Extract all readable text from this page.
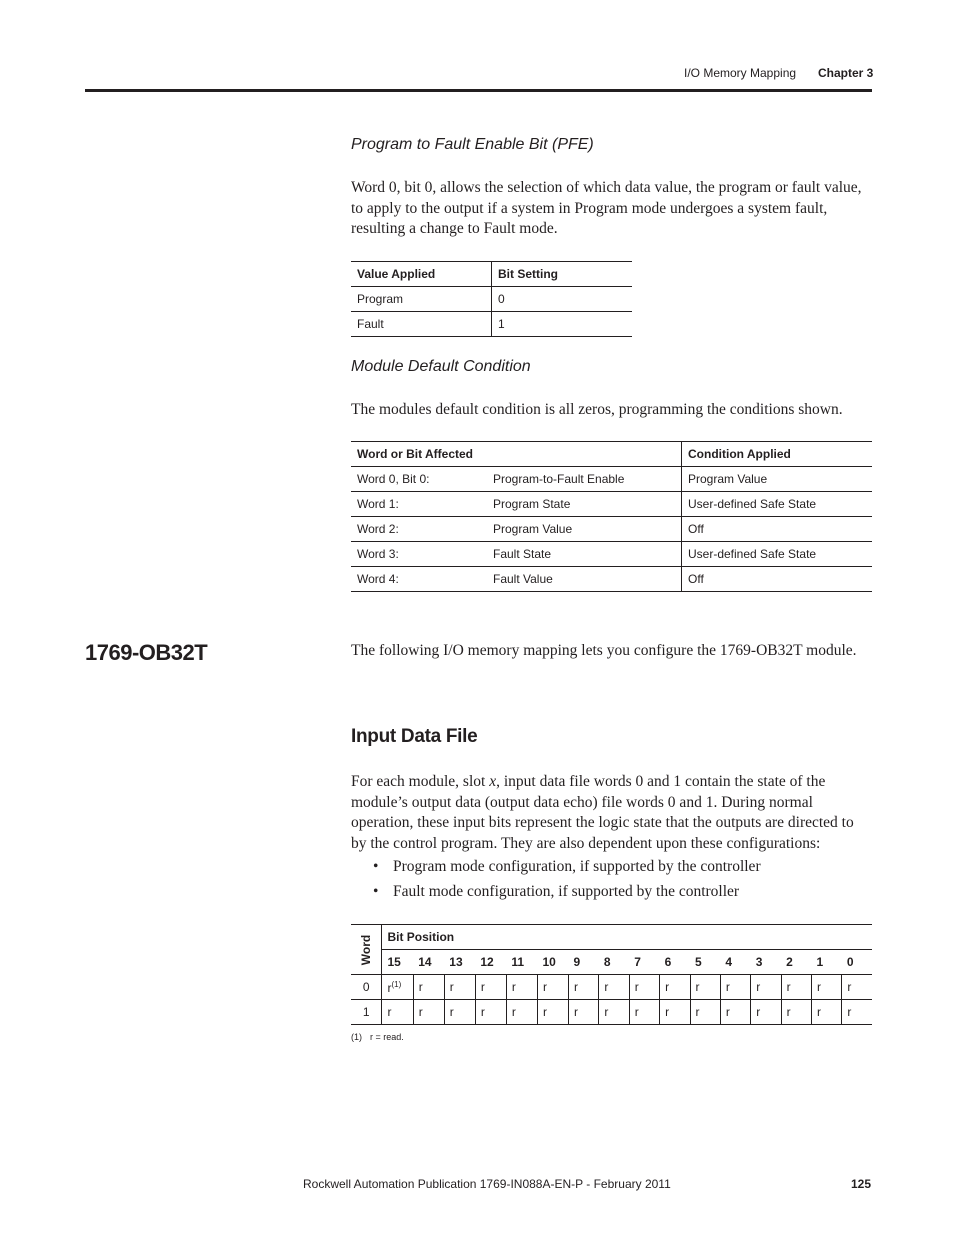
I/O Memory Mapping Chapter 3
Program to Fault Enable Bit (PFE)

Word 0, bit 0, allows the selection of which data value, the program or fault value, to apply to the output if a system in Program mode undergoes a system fault, resulting a change to Fault mode.

Value Applied	Bit Setting
Program	0
Fault	1
Module Default Condition

The modules default condition is all zeros, programming the conditions shown.

Word or Bit Affected		Condition Applied
Word 0, Bit 0:	Program-to-Fault Enable	Program Value
Word 1:	Program State	User-defined Safe State
Word 2:	Program Value	Off
Word 3:	Fault State	User-defined Safe State
Word 4:	Fault Value	Off
1769-OB32T	The following I/O memory mapping lets you configure the 1769-OB32T module.

Input Data File

For each module, slot x, input data file words 0 and 1 contain the state of the module’s output data (output data echo) file words 0 and 1. During normal operation, these input bits represent the logic state that the outputs are directed to by the control program. They are also dependent upon these configurations:

• Program mode configuration, if supported by the controller
• Fault mode configuration, if supported by the controller
Word	Bit Position															
	15	14	13	12	11	10	9	8	7	6	5	4	3	2	1	0
0	$r^{(1)}$	r	r	r	r	r	r	r	r	r	r	r	r	r	r	r
1	r	r	r	r	r	r	r	r	r	r	r	r	r	r	r	r
(1) r = read.
Rockwell Automation Publication 1769-IN088A-EN-P - February 2011	125
